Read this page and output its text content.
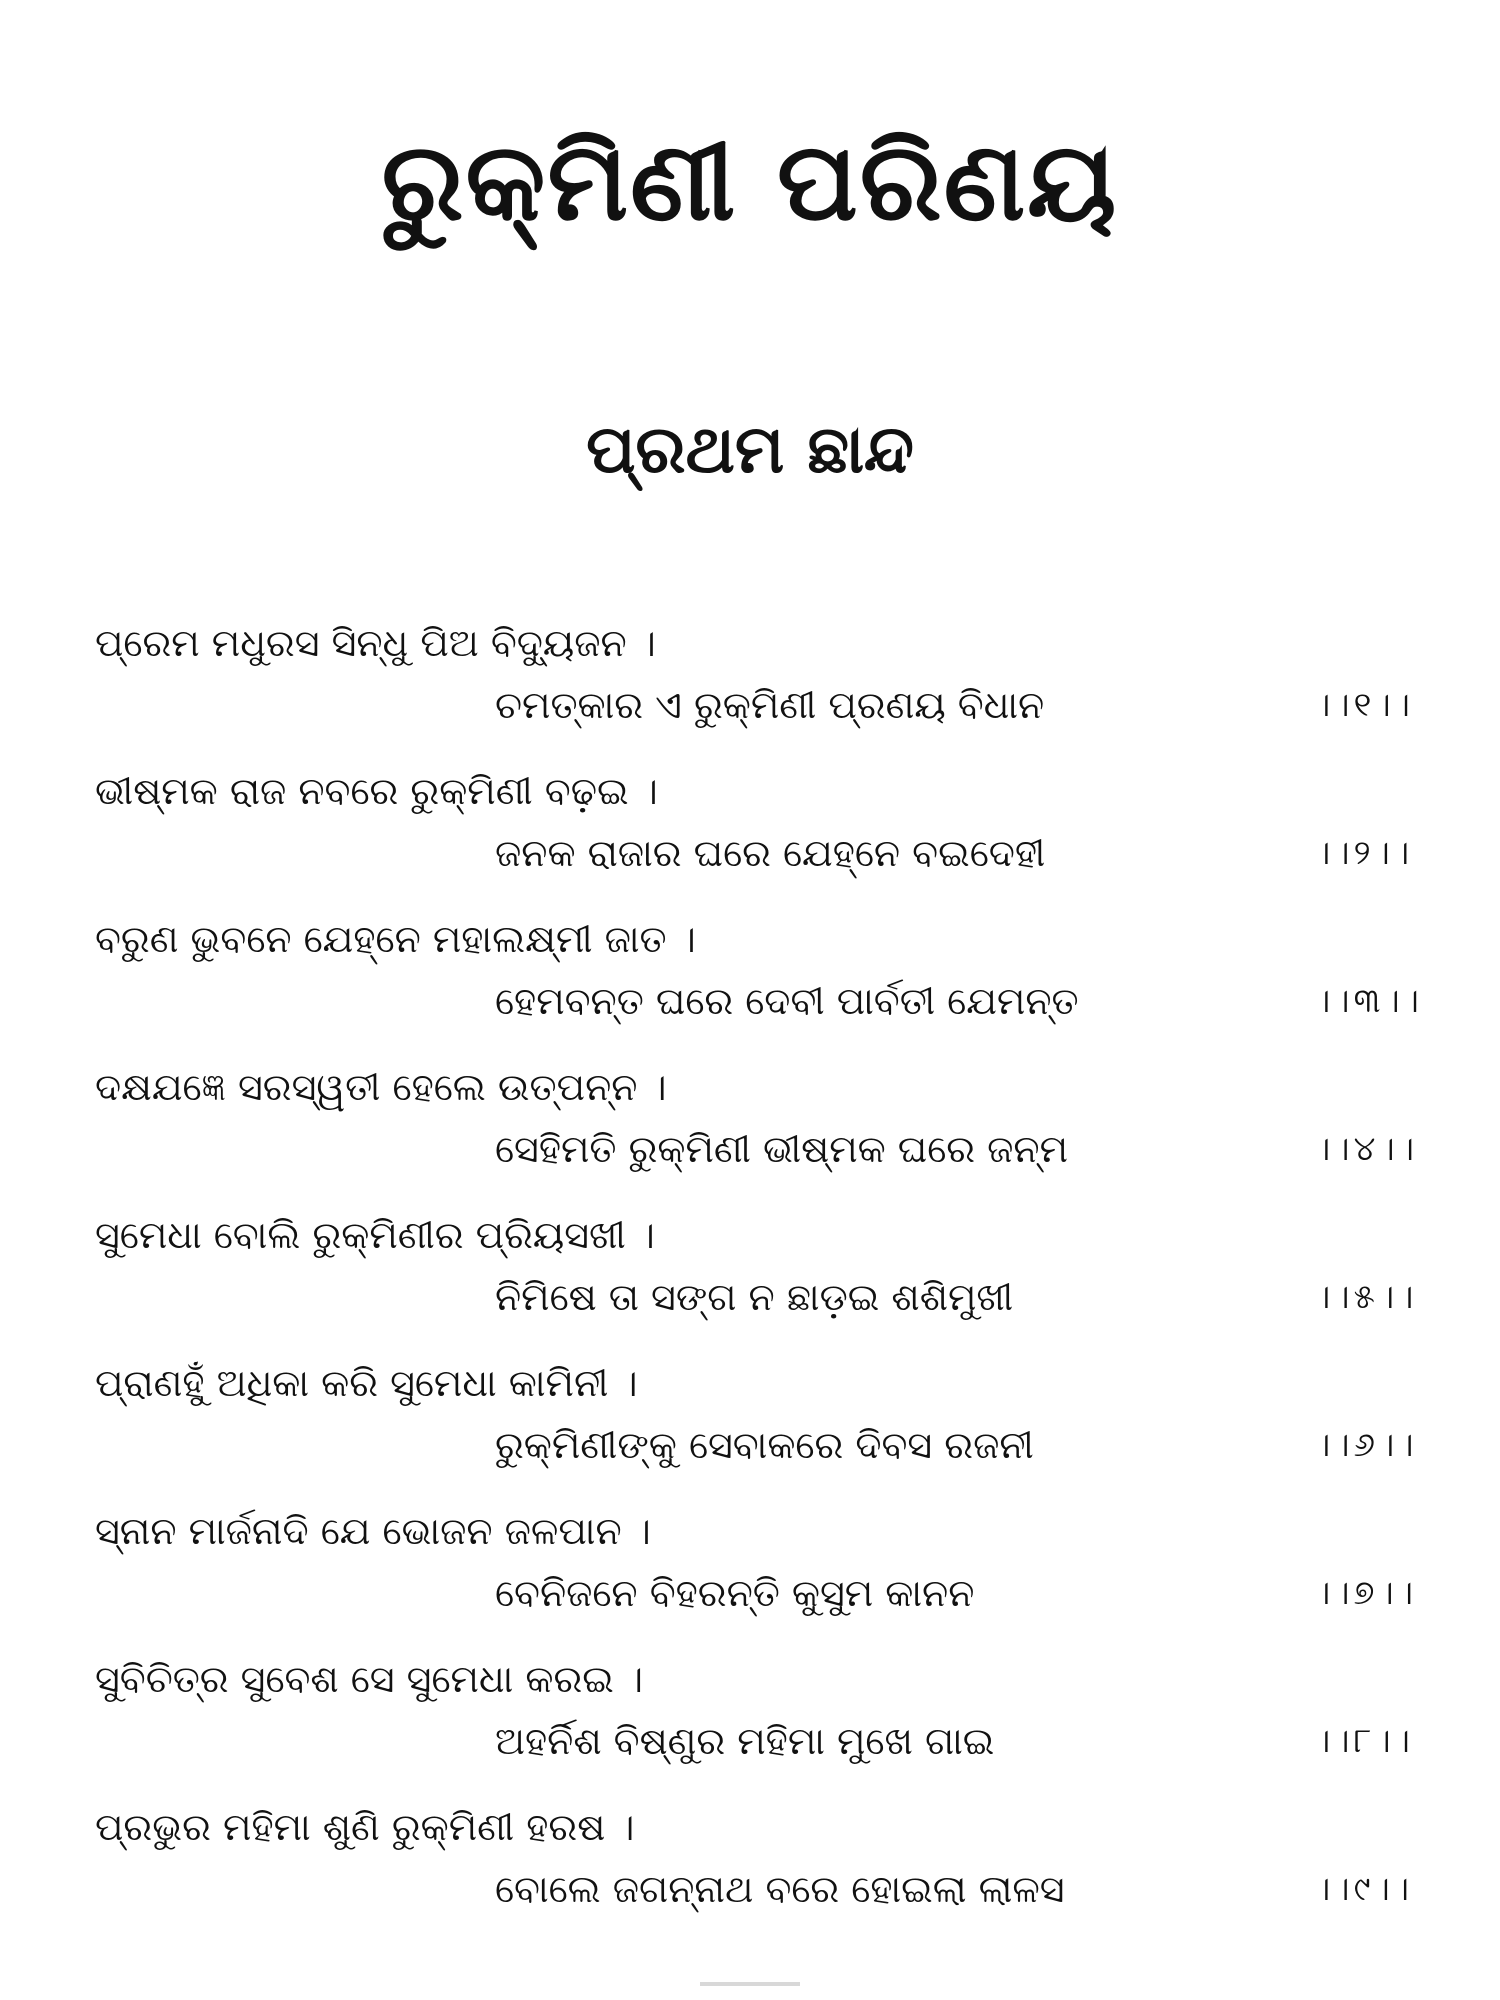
ରୁକ୍ମିଣୀ ପରିଣୟ
ପ୍ରଥମ ଛାନ୍ଦ
ପ୍ରେମ ମଧୁରସ ସିନ୍ଧୁ ପିଅ ବିଦ୍ୟୁଜନ ।
ଚମତ୍କାର ଏ ରୁକ୍ମିଣୀ ପ୍ରଣୟ ବିଧାନ	।।୧।।
ଭୀଷ୍ମକ ରାଜ ନବରେ ରୁକ୍ମିଣୀ ବଢ଼ଇ ।
ଜନକ ରାଜାର ଘରେ ଯେହ୍ନେ ବଇଦେହୀ	।।୨।।
ବରୁଣ ଭୁବନେ ଯେହ୍ନେ ମହାଲକ୍ଷ୍ମୀ ଜାତ ।
ହେମବନ୍ତ ଘରେ ଦେବୀ ପାର୍ବତୀ ଯେମନ୍ତ	।।୩।।
ଦକ୍ଷଯଜ୍ଞେ ସରସ୍ୱତୀ ହେଲେ ଉତ୍ପନ୍ନ ।
ସେହିମତି ରୁକ୍ମିଣୀ ଭୀଷ୍ମକ ଘରେ ଜନ୍ମ	।।୪।।
ସୁମେଧା ବୋଲି ରୁକ୍ମିଣୀର ପ୍ରିୟସଖୀ ।
ନିମିଷେ ତା ସଙ୍ଗ ନ ଛାଡ଼ଇ ଶଶିମୁଖୀ	।।୫।।
ପ୍ରାଣହୁଁ ଅଧିକା କରି ସୁମେଧା କାମିନୀ ।
ରୁକ୍ମିଣୀଙ୍କୁ ସେବାକରେ ଦିବସ ରଜନୀ	।।୬।।
ସ୍ନାନ ମାର୍ଜନାଦି ଯେ ଭୋଜନ ଜଳପାନ ।
ବେନିଜନେ ବିହରନ୍ତି କୁସୁମ କାନନ	।।୭।।
ସୁବିଚିତ୍ର ସୁବେଶ ସେ ସୁମେଧା କରଇ ।
ଅହର୍ନିଶ ବିଷ୍ଣୁର ମହିମା ମୁଖେ ଗାଇ	।।୮।।
ପ୍ରଭୁର ମହିମା ଶୁଣି ରୁକ୍ମିଣୀ ହରଷ ।
ବୋଲେ ଜଗନ୍ନାଥ ବରେ ହୋଇଲା ଲାଳସ	।।୯।।
